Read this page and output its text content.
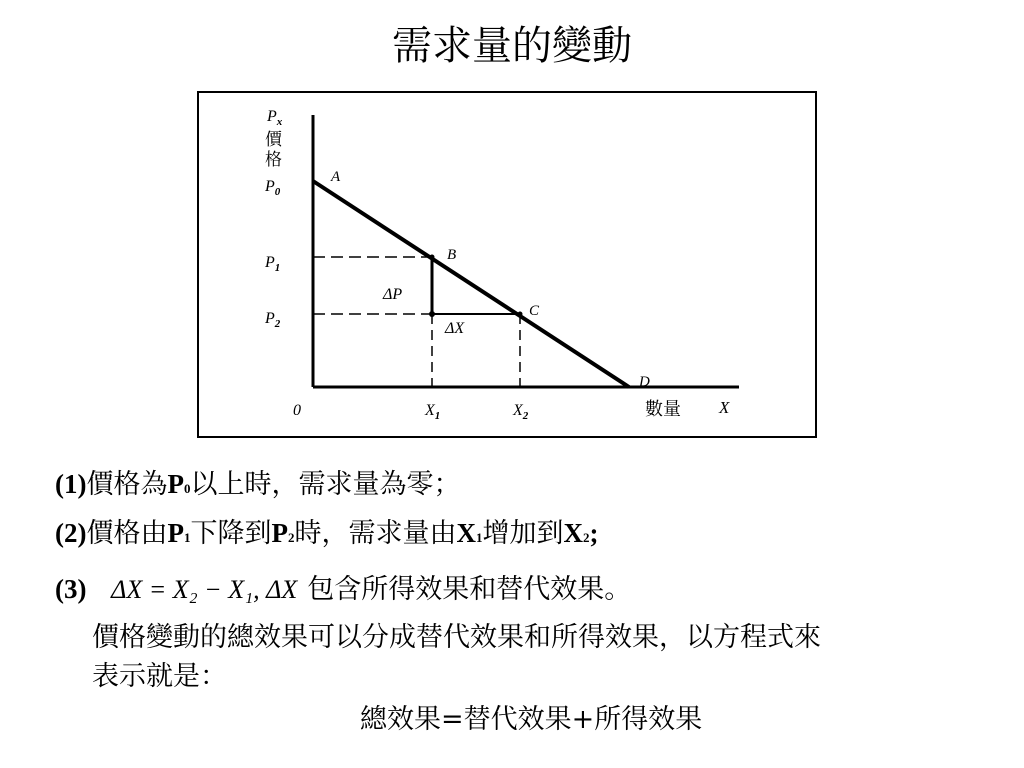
需求量的變動
$P_x$
價
格
$P_0$
$P_1$
$P_2$
0	$X_1$	$X_2$	數量 X
A
B
C
D
ΔP
ΔX
(1)價格為P0以上時，需求量為零；
(2)價格由P1下降到P2時，需求量由X1增加到X2;
(3) ΔX = X₂ − X₁, ΔX 包含所得效果和替代效果。
價格變動的總效果可以分成替代效果和所得效果，以方程式來
表示就是：
總效果=替代效果+所得效果
